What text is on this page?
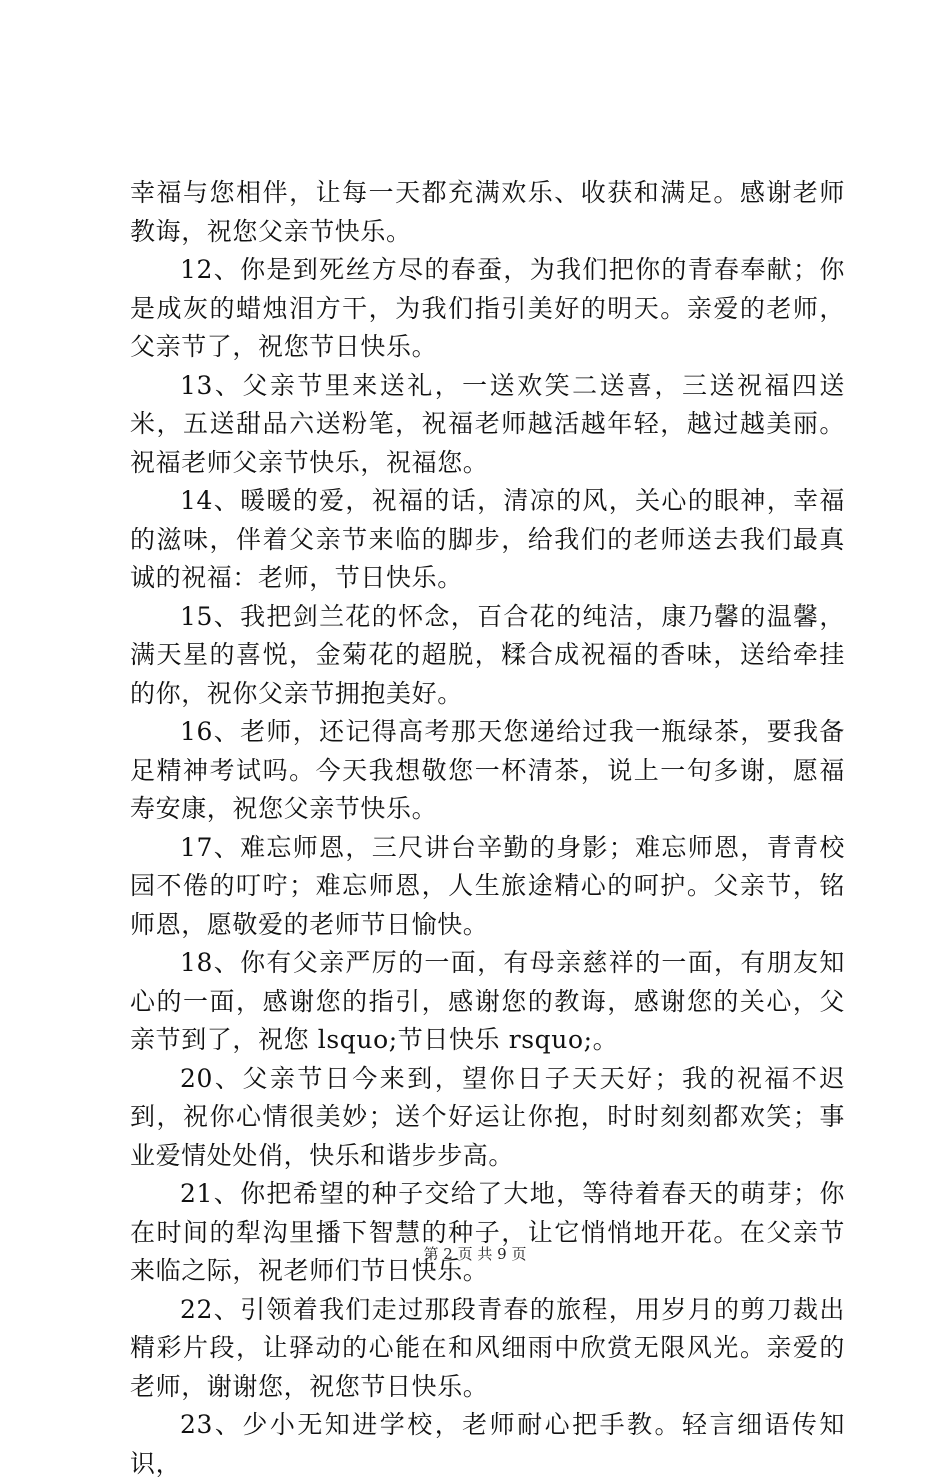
幸福与您相伴，让每一天都充满欢乐、收获和满足。感谢老师教诲，祝您父亲节快乐。

12、你是到死丝方尽的春蚕，为我们把你的青春奉献；你是成灰的蜡烛泪方干，为我们指引美好的明天。亲爱的老师，父亲节了，祝您节日快乐。

13、父亲节里来送礼，一送欢笑二送喜，三送祝福四送米，五送甜品六送粉笔，祝福老师越活越年轻，越过越美丽。祝福老师父亲节快乐，祝福您。

14、暖暖的爱，祝福的话，清凉的风，关心的眼神，幸福的滋味，伴着父亲节来临的脚步，给我们的老师送去我们最真诚的祝福：老师，节日快乐。

15、我把剑兰花的怀念，百合花的纯洁，康乃馨的温馨，满天星的喜悦，金菊花的超脱，糅合成祝福的香味，送给牵挂的你，祝你父亲节拥抱美好。

16、老师，还记得高考那天您递给过我一瓶绿茶，要我备足精神考试吗。今天我想敬您一杯清茶，说上一句多谢，愿福寿安康，祝您父亲节快乐。

17、难忘师恩，三尺讲台辛勤的身影；难忘师恩，青青校园不倦的叮咛；难忘师恩，人生旅途精心的呵护。父亲节，铭师恩，愿敬爱的老师节日愉快。

18、你有父亲严厉的一面，有母亲慈祥的一面，有朋友知心的一面，感谢您的指引，感谢您的教诲，感谢您的关心，父亲节到了，祝您 lsquo;节日快乐 rsquo;。

20、父亲节日今来到，望你日子天天好；我的祝福不迟到，祝你心情很美妙；送个好运让你抱，时时刻刻都欢笑；事业爱情处处俏，快乐和谐步步高。

21、你把希望的种子交给了大地，等待着春天的萌芽；你在时间的犁沟里播下智慧的种子，让它悄悄地开花。在父亲节来临之际，祝老师们节日快乐。

22、引领着我们走过那段青春的旅程，用岁月的剪刀裁出精彩片段，让驿动的心能在和风细雨中欣赏无限风光。亲爱的老师，谢谢您，祝您节日快乐。

23、少小无知进学校，老师耐心把手教。轻言细语传知识，

第 2 页 共 9 页
